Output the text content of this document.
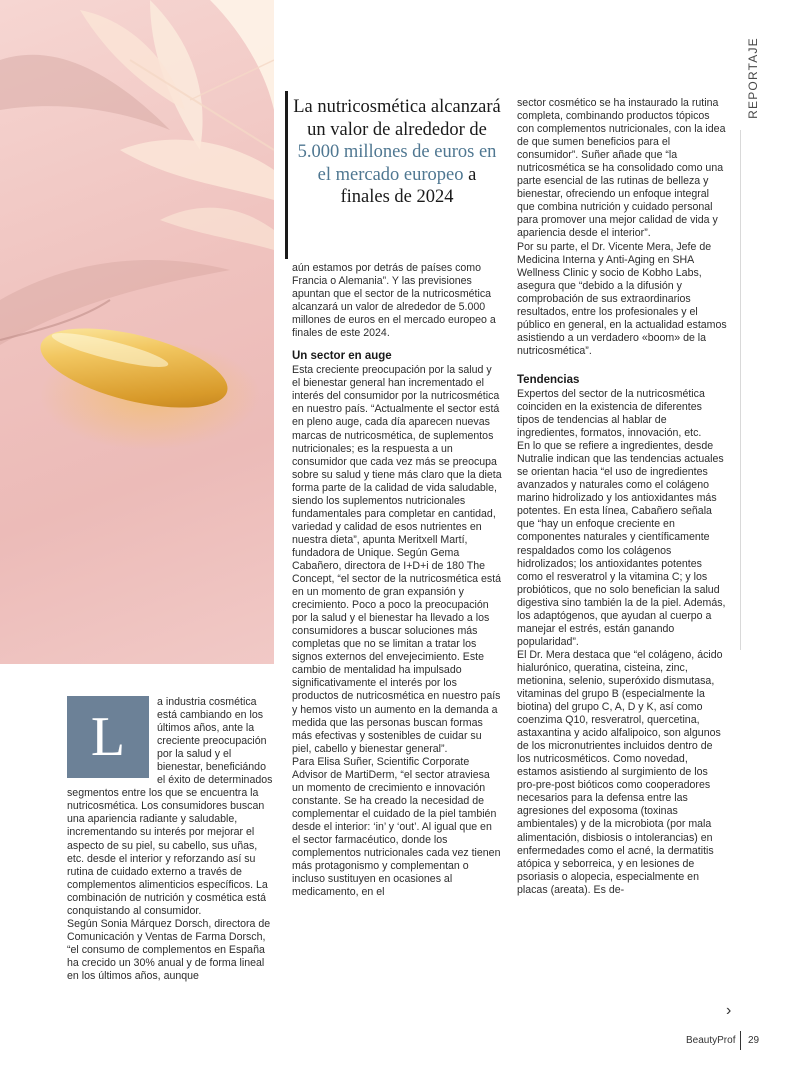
REPORTAJE
La nutricosmética alcanzará un valor de alrededor de 5.000 millones de euros en el mercado europeo a finales de 2024
L

a industria cosmética está cambiando en los últimos años, ante la creciente preocupación por la salud y el bienestar, beneficiándo el éxito de determinados segmentos entre los que se encuentra la nutricosmética. Los consumidores buscan una apariencia radiante y saludable, incrementando su interés por mejorar el aspecto de su piel, su cabello, sus uñas, etc. desde el interior y reforzando así su rutina de cuidado externo a través de complementos alimenticios específicos. La combinación de nutrición y cosmética está conquistando al consumidor.

Según Sonia Márquez Dorsch, directora de Comunicación y Ventas de Farma Dorsch, “el consumo de complementos en España ha crecido un 30% anual y de forma lineal en los últimos años, aunque

aún estamos por detrás de países como Francia o Alemania”. Y las previsiones apuntan que el sector de la nutricosmética alcanzará un valor de alrededor de 5.000 millones de euros en el mercado europeo a finales de este 2024.

Un sector en auge

Esta creciente preocupación por la salud y el bienestar general han incrementado el interés del consumidor por la nutricosmética en nuestro país. “Actualmente el sector está en pleno auge, cada día aparecen nuevas marcas de nutricosmética, de suplementos nutricionales; es la respuesta a un consumidor que cada vez más se preocupa sobre su salud y tiene más claro que la dieta forma parte de la calidad de vida saludable, siendo los suplementos nutricionales fundamentales para completar en cantidad, variedad y calidad de esos nutrientes en nuestra dieta”, apunta Meritxell Martí, fundadora de Unique. Según Gema Cabañero, directora de I+D+i de 180 The Concept, “el sector de la nutricosmética está en un momento de gran expansión y crecimiento. Poco a poco la preocupación por la salud y el bienestar ha llevado a los consumidores a buscar soluciones más completas que no se limitan a tratar los signos externos del envejecimiento. Este cambio de mentalidad ha impulsado significativamente el interés por los productos de nutricosmética en nuestro país y hemos visto un aumento en la demanda a medida que las personas buscan formas más efectivas y sostenibles de cuidar su piel, cabello y bienestar general”.

Para Elisa Suñer, Scientific Corporate Advisor de MartiDerm, “el sector atraviesa un momento de crecimiento e innovación constante. Se ha creado la necesidad de complementar el cuidado de la piel también desde el interior: ‘in’ y ‘out’. Al igual que en el sector farmacéutico, donde los complementos nutricionales cada vez tienen más protagonismo y complementan o incluso sustituyen en ocasiones al medicamento, en el

sector cosmético se ha instaurado la rutina completa, combinando productos tópicos con complementos nutricionales, con la idea de que sumen beneficios para el consumidor”. Suñer añade que “la nutricosmética se ha consolidado como una parte esencial de las rutinas de belleza y bienestar, ofreciendo un enfoque integral que combina nutrición y cuidado personal para promover una mejor calidad de vida y apariencia desde el interior”.

Por su parte, el Dr. Vicente Mera, Jefe de Medicina Interna y Anti-Aging en SHA Wellness Clinic y socio de Kobho Labs, asegura que “debido a la difusión y comprobación de sus extraordinarios resultados, entre los profesionales y el público en general, en la actualidad estamos asistiendo a un verdadero «boom» de la nutricosmética”.

Tendencias

Expertos del sector de la nutricosmética coinciden en la existencia de diferentes tipos de tendencias al hablar de ingredientes, formatos, innovación, etc.

En lo que se refiere a ingredientes, desde Nutralie indican que las tendencias actuales se orientan hacia “el uso de ingredientes avanzados y naturales como el colágeno marino hidrolizado y los antioxidantes más potentes. En esta línea, Cabañero señala que “hay un enfoque creciente en componentes naturales y científicamente respaldados como los colágenos hidrolizados; los antioxidantes potentes como el resveratrol y la vitamina C; y los probióticos, que no solo benefician la salud digestiva sino también la de la piel. Además, los adaptógenos, que ayudan al cuerpo a manejar el estrés, están ganando popularidad”.

El Dr. Mera destaca que “el colágeno, ácido hialurónico, queratina, cisteina, zinc, metionina, selenio, superóxido dismutasa, vitaminas del grupo B (especialmente la biotina) del grupo C, A, D y K, así como coenzima Q10, resveratrol, quercetina, astaxantina y acido alfalipoico, son algunos de los micronutrientes incluidos dentro de los nutricosméticos. Como novedad, estamos asistiendo al surgimiento de los pro-pre-post bióticos como cooperadores necesarios para la defensa entre las agresiones del exposoma (toxinas ambientales) y de la microbiota (por mala alimentación, disbiosis o intolerancias) en enfermedades como el acné, la dermatitis atópica y seborreica, y en lesiones de psoriasis o alopecia, especialmente en placas (areata). Es de-

›
BeautyProf 29
